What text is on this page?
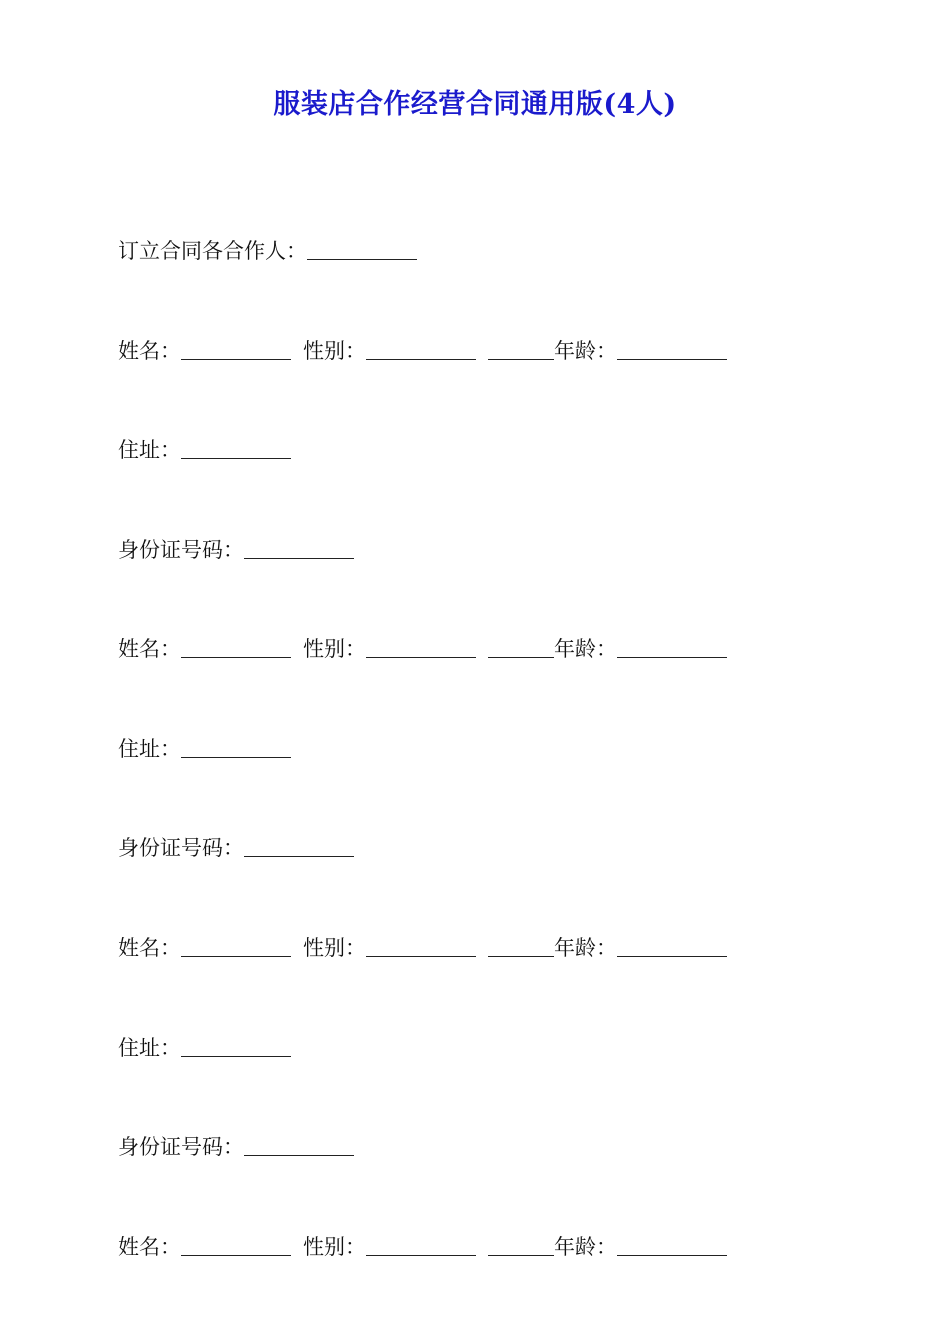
服装店合作经营合同通用版(4人)
订立合同各合作人：
姓名：	性别：	年龄：
住址：
身份证号码：
姓名：	性别：	年龄：
住址：
身份证号码：
姓名：	性别：	年龄：
住址：
身份证号码：
姓名：	性别：	年龄：
